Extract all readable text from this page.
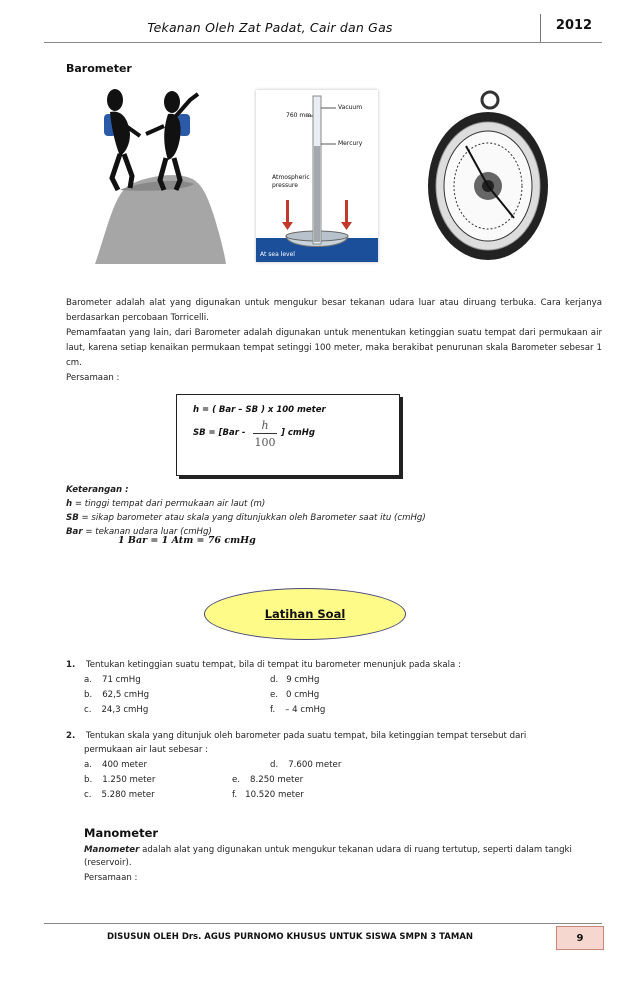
Tekanan Oleh Zat Padat, Cair dan Gas	2012
Barometer
Vacuum
760 mm
Mercury
Atmospheric pressure
At sea level

Barometer adalah alat yang digunakan untuk mengukur besar tekanan udara luar atau diruang terbuka. Cara kerjanya berdasarkan percobaan Torricelli.

Pemamfaatan yang lain, dari Barometer adalah digunakan untuk menentukan ketinggian suatu tempat dari permukaan air laut, karena setiap kenaikan permukaan tempat setinggi 100 meter, maka berakibat penurunan skala Barometer sebesar 1 cm.

Persamaan :

h = ( Bar – SB ) x 100 meter
SB = [Bar -
h
100
] cmHg
Keterangan :
h = tinggi tempat dari permukaan air laut (m)
SB = sikap barometer atau skala yang ditunjukkan oleh Barometer saat itu (cmHg)
Bar = tekanan udara luar (cmHg)
1 Bar = 1 Atm = 76 cmHg
Latihan Soal
1. Tentukan ketinggian suatu tempat, bila di tempat itu barometer menunjuk pada skala :
a. 71 cmHg	d. 9 cmHg
b. 62,5 cmHg	e. 0 cmHg
c. 24,3 cmHg	f. – 4 cmHg
2. Tentukan skala yang ditunjuk oleh barometer pada suatu tempat, bila ketinggian tempat tersebut dari
permukaan air laut sebesar :
a. 400 meter	d. 7.600 meter
b. 1.250 meter	e. 8.250 meter
c. 5.280 meter	f. 10.520 meter
Manometer
Manometer adalah alat yang digunakan untuk mengukur tekanan udara di ruang tertutup, seperti dalam tangki
(reservoir).
Persamaan :
DISUSUN OLEH Drs. AGUS PURNOMO KHUSUS UNTUK SISWA SMPN 3 TAMAN	9
